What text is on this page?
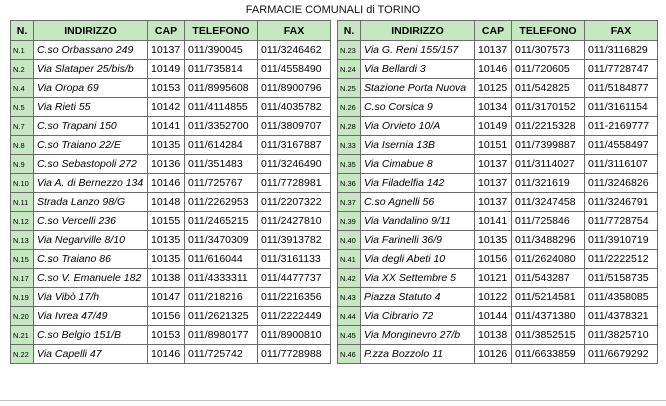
FARMACIE COMUNALI di TORINO
N.	INDIRIZZO	CAP	TELEFONO	FAX
N.1	C.so Orbassano 249	10137	011/390045	011/3246462
N.2	Via Slataper 25/bis/b	10149	011/735814	011/4558490
N.4	Via Oropa 69	10153	011/8995608	011/8900796
N.5	Via Rieti 55	10142	011/4114855	011/4035782
N.7	C.so Trapani 150	10141	011/3352700	011/3809707
N.8	C.so Traiano 22/E	10135	011/614284	011/3167887
N.9	C.so Sebastopoli 272	10136	011/351483	011/3246490
N.10	Via A. di Bernezzo 134	10146	011/725767	011/7728981
N.11	Strada Lanzo 98/G	10148	011/2262953	011/2207322
N.12	C.so Vercelli 236	10155	011/2465215	011/2427810
N.13	Via Negarville 8/10	10135	011/3470309	011/3913782
N.15	C.so Traiano 86	10135	011/616044	011/3161133
N.17	C.so V. Emanuele 182	10138	011/4333311	011/4477737
N.19	Via Vibò 17/h	10147	011/218216	011/2216356
N.20	Via Ivrea 47/49	10156	011/2621325	011/2222449
N.21	C.so Belgio 151/B	10153	011/8980177	011/8900810
N.22	Via Capelli 47	10146	011/725742	011/7728988
N.	INDIRIZZO	CAP	TELEFONO	FAX
N.23	Via G. Reni 155/157	10137	011/307573	011/3116829
N.24	Via Bellardi 3	10146	011/720605	011/7728747
N.25	Stazione Porta Nuova	10125	011/542825	011/5184877
N.26	C.so Corsica 9	10134	011/3170152	011/3161154
N.28	Via Orvieto 10/A	10149	011/2215328	011-2169777
N.33	Via Isernia 13B	10151	011/7399887	011/4558497
N.35	Via Cimabue 8	10137	011/3114027	011/3116107
N.36	Via Filadelfia 142	10137	011/321619	011/3246826
N.37	C.so Agnelli 56	10137	011/3247458	011/3246791
N.39	Via Vandalino 9/11	10141	011/725846	011/7728754
N.40	Via Farinelli 36/9	10135	011/3488296	011/3910719
N.41	Via degli Abeti 10	10156	011/2624080	011/2222512
N.42	Via XX Settembre 5	10121	011/543287	011/5158735
N.43	Piazza Statuto 4	10122	011/5214581	011/4358085
N.44	Via Cibrario 72	10144	011/4371380	011/4378321
N.45	Via Monginevro 27/b	10138	011/3852515	011/3825710
N.46	P.zza Bozzolo 11	10126	011/6633859	011/6679292
